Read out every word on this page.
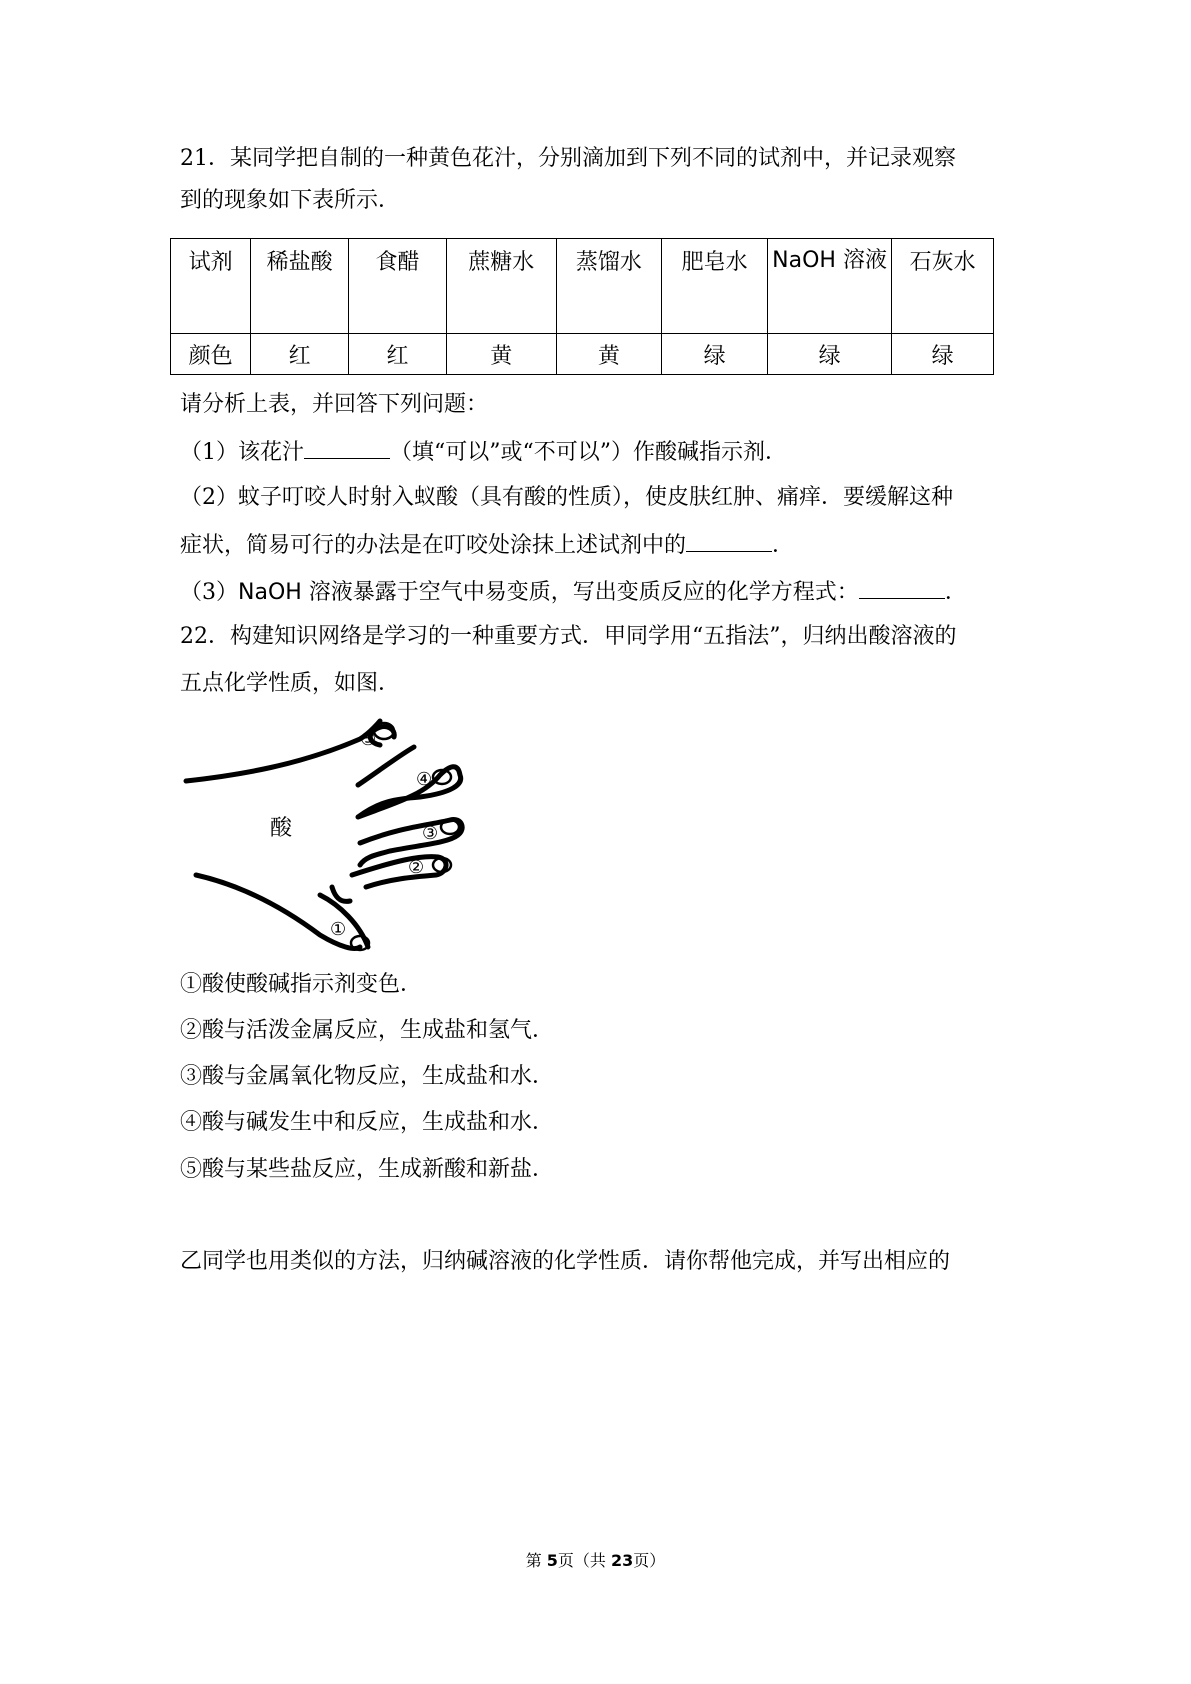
21．某同学把自制的一种黄色花汁，分别滴加到下列不同的试剂中，并记录观察
到的现象如下表所示．
试剂	稀盐酸	食醋	蔗糖水	蒸馏水	肥皂水	NaOH 溶液	石灰水
颜色	红	红	黄	黄	绿	绿	绿
请分析上表，并回答下列问题：
（1）该花汁	（填“可以”或“不可以”）作酸碱指示剂．
（2）蚊子叮咬人时射入蚁酸（具有酸的性质），使皮肤红肿、痛痒．要缓解这种
症状，简易可行的办法是在叮咬处涂抹上述试剂中的	．
（3）NaOH 溶液暴露于空气中易变质，写出变质反应的化学方程式：	．
22．构建知识网络是学习的一种重要方式．甲同学用“五指法”，归纳出酸溶液的
五点化学性质，如图．
酸
⑤
④
③
②
①
①酸使酸碱指示剂变色．
②酸与活泼金属反应，生成盐和氢气．
③酸与金属氧化物反应，生成盐和水．
④酸与碱发生中和反应，生成盐和水．
⑤酸与某些盐反应，生成新酸和新盐．
乙同学也用类似的方法，归纳碱溶液的化学性质．请你帮他完成，并写出相应的
第 5页（共 23页）
